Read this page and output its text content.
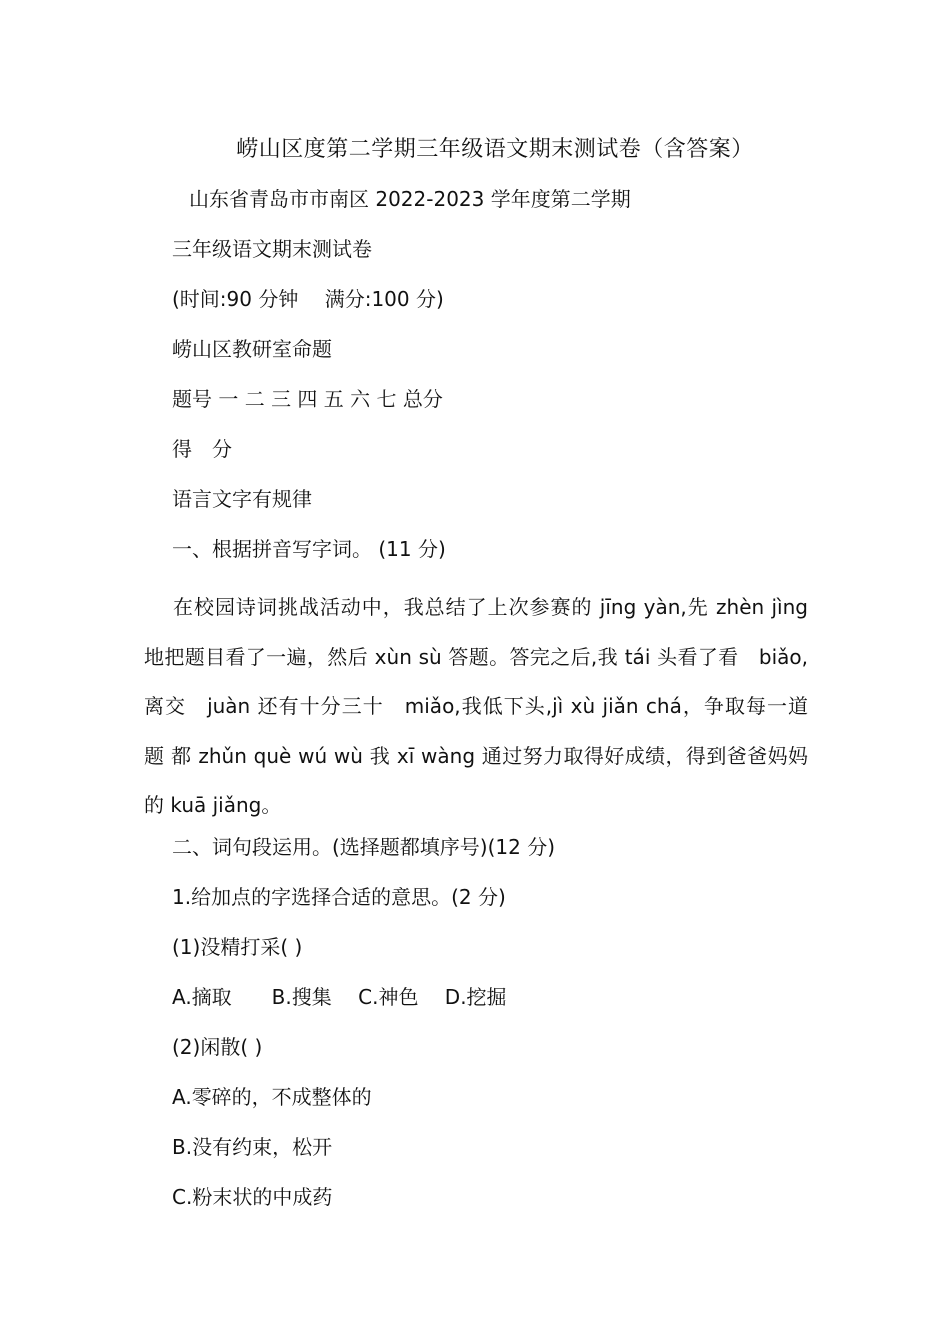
崂山区度第二学期三年级语文期末测试卷（含答案）
山东省青岛市市南区 2022-2023 学年度第二学期
三年级语文期末测试卷
(时间:90 分钟　 满分:100 分)
崂山区教研室命题
题号 一 二 三 四 五 六 七 总分
得　分
语言文字有规律
一、根据拼音写字词。 (11 分)
在校园诗词挑战活动中，我总结了上次参赛的 jīng yàn,先 zhèn jìng 地把题目看了一遍，然后 xùn sù 答题。答完之后,我 tái 头看了看　biǎo,离交　juàn 还有十分三十　miǎo,我低下头,jì xù jiǎn chá，争取每一道 题 都 zhǔn què wú wù 我 xī wàng 通过努力取得好成绩，得到爸爸妈妈的 kuā jiǎng。
二、词句段运用。(选择题都填序号)(12 分)
1.给加点的字选择合适的意思。(2 分)
(1)没精打采( )
A.摘取　　B.搜集　 C.神色　 D.挖掘
(2)闲散( )
A.零碎的，不成整体的
B.没有约束，松开
C.粉末状的中成药
